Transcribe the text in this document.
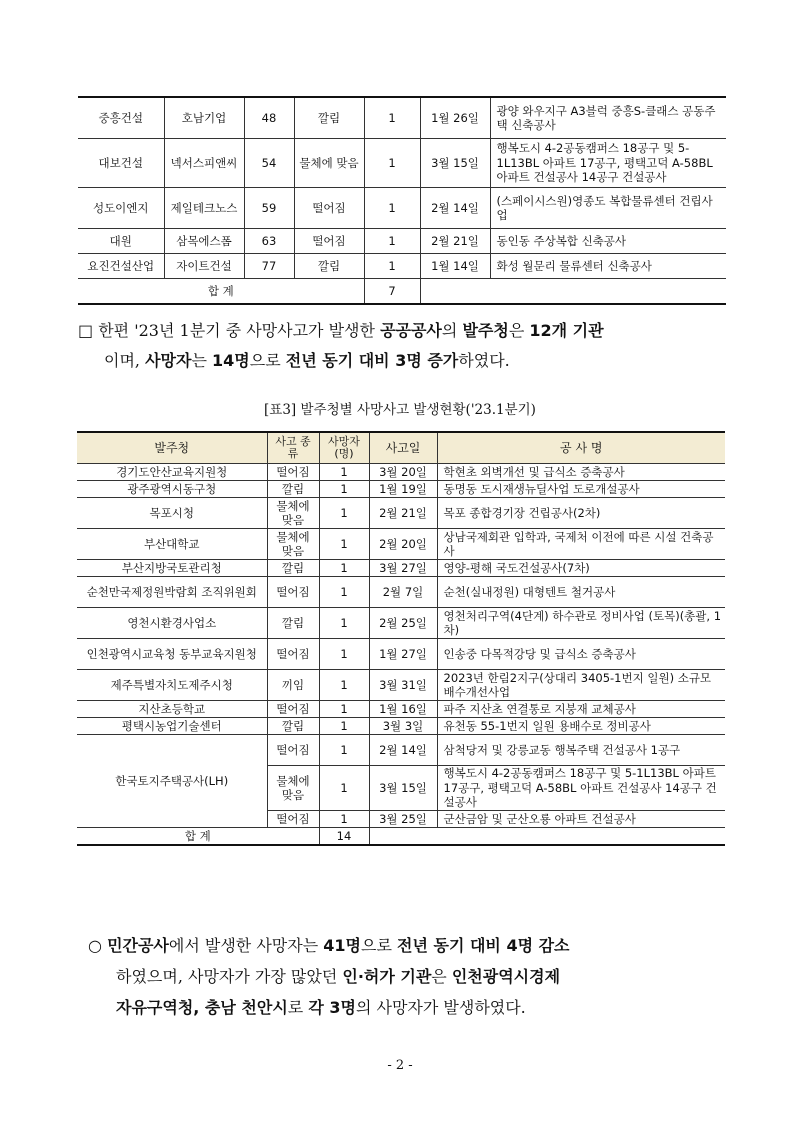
중흥건설	호남기업	48	깔림	1	1월 26일	광양 와우지구 A3블럭 중흥S-클래스 공동주택 신축공사
대보건설	넥서스피앤씨	54	물체에 맞음	1	3월 15일	행복도시 4-2공동캠퍼스 18공구 및 5-1L13BL 아파트 17공구, 평택고덕 A-58BL 아파트 건설공사 14공구 건설공사
성도이엔지	제일테크노스	59	떨어짐	1	2월 14일	(스페이시스원)영종도 복합물류센터 건립사업
대원	삼목에스폼	63	떨어짐	1	2월 21일	동인동 주상복합 신축공사
요진건설산업	자이트건설	77	깔림	1	1월 14일	화성 월문리 물류센터 신축공사
합 계				7		
□ 한편 '23년 1분기 중 사망사고가 발생한 공공공사의 발주청은 12개 기관
이며, 사망자는 14명으로 전년 동기 대비 3명 증가하였다.
[표3] 발주청별 사망사고 발생현황('23.1분기)
발주청	사고 종류	사망자 (명)	사고일	공 사 명
경기도안산교육지원청	떨어짐	1	3월 20일	학현초 외벽개선 및 급식소 증축공사
광주광역시동구청	깔림	1	1월 19일	동명동 도시재생뉴딜사업 도로개설공사
목포시청	물체에 맞음	1	2월 21일	목포 종합경기장 건립공사(2차)
부산대학교	물체에 맞음	1	2월 20일	상남국제회관 입학과, 국제처 이전에 따른 시설 건축공사
부산지방국토관리청	깔림	1	3월 27일	영양-평해 국도건설공사(7차)
순천만국제정원박람회 조직위원회	떨어짐	1	2월 7일	순천(실내정원) 대형텐트 철거공사
영천시환경사업소	깔림	1	2월 25일	영천처리구역(4단계) 하수관로 정비사업 (토목)(총괄, 1차)
인천광역시교육청 동부교육지원청	떨어짐	1	1월 27일	인송중 다목적강당 및 급식소 증축공사
제주특별자치도제주시청	끼임	1	3월 31일	2023년 한림2지구(상대리 3405-1번지 일원) 소규모 배수개선사업
지산초등학교	떨어짐	1	1월 16일	파주 지산초 연결통로 지붕재 교체공사
평택시농업기술센터	깔림	1	3월 3일	유천동 55-1번지 일원 용배수로 정비공사
한국토지주택공사(LH)	떨어짐	1	2월 14일	삼척당저 및 강릉교동 행복주택 건설공사 1공구
	물체에 맞음	1	3월 15일	행복도시 4-2공동캠퍼스 18공구 및 5-1L13BL 아파트 17공구, 평택고덕 A-58BL 아파트 건설공사 14공구 건설공사
	떨어짐	1	3월 25일	군산금암 및 군산오룡 아파트 건설공사
합 계		14		
○ 민간공사에서 발생한 사망자는 41명으로 전년 동기 대비 4명 감소
하였으며, 사망자가 가장 많았던 인·허가 기관은 인천광역시경제
자유구역청, 충남 천안시로 각 3명의 사망자가 발생하였다.
- 2 -
